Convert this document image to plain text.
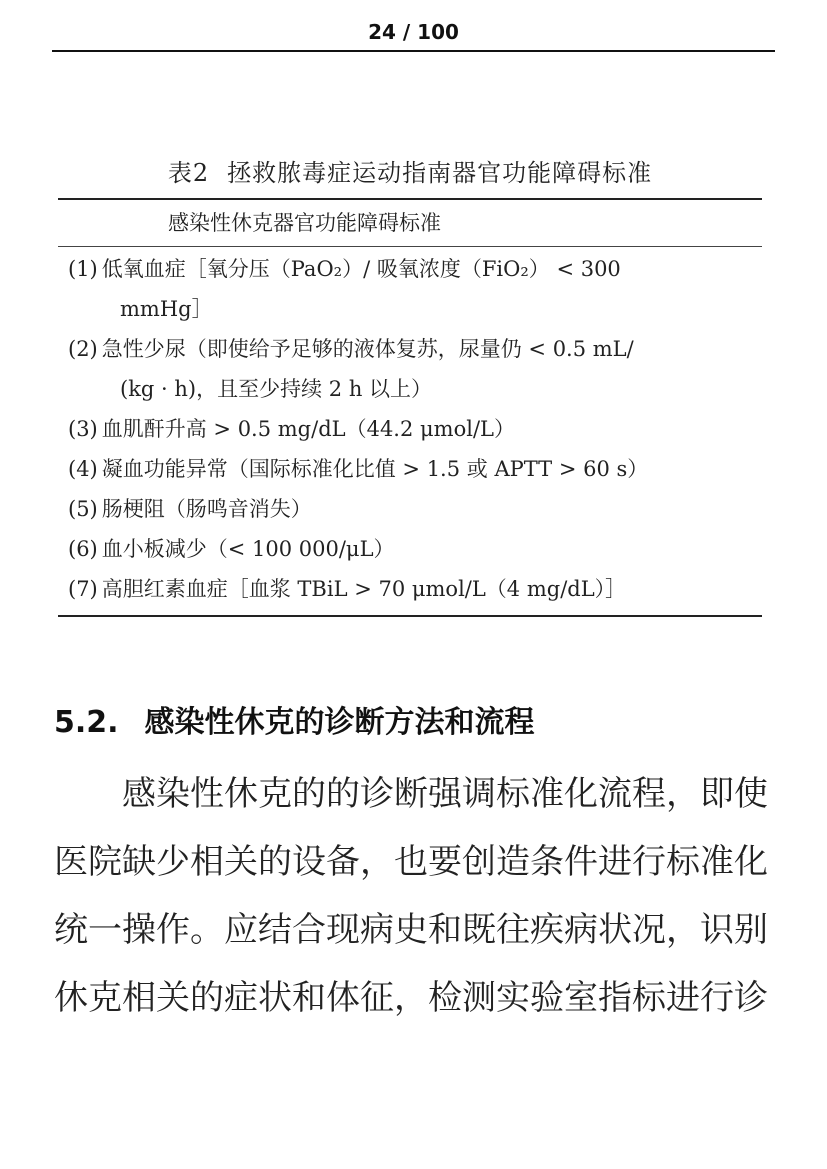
24 / 100
表2 拯救脓毒症运动指南器官功能障碍标准
感染性休克器官功能障碍标准
(1) 低氧血症［氧分压（PaO₂）/ 吸氧浓度（FiO₂） < 300
mmHg］
(2) 急性少尿（即使给予足够的液体复苏，尿量仍 < 0.5 mL/
(kg · h)，且至少持续 2 h 以上）
(3) 血肌酐升高 > 0.5 mg/dL（44.2 μmol/L）
(4) 凝血功能异常（国际标准化比值 > 1.5 或 APTT > 60 s）
(5) 肠梗阻（肠鸣音消失）
(6) 血小板减少（< 100 000/μL）
(7) 高胆红素血症［血浆 TBiL > 70 μmol/L（4 mg/dL）］
5.2. 感染性休克的诊断方法和流程
感染性休克的的诊断强调标准化流程，即使
医院缺少相关的设备，也要创造条件进行标准化
统一操作。应结合现病史和既往疾病状况，识别
休克相关的症状和体征，检测实验室指标进行诊
